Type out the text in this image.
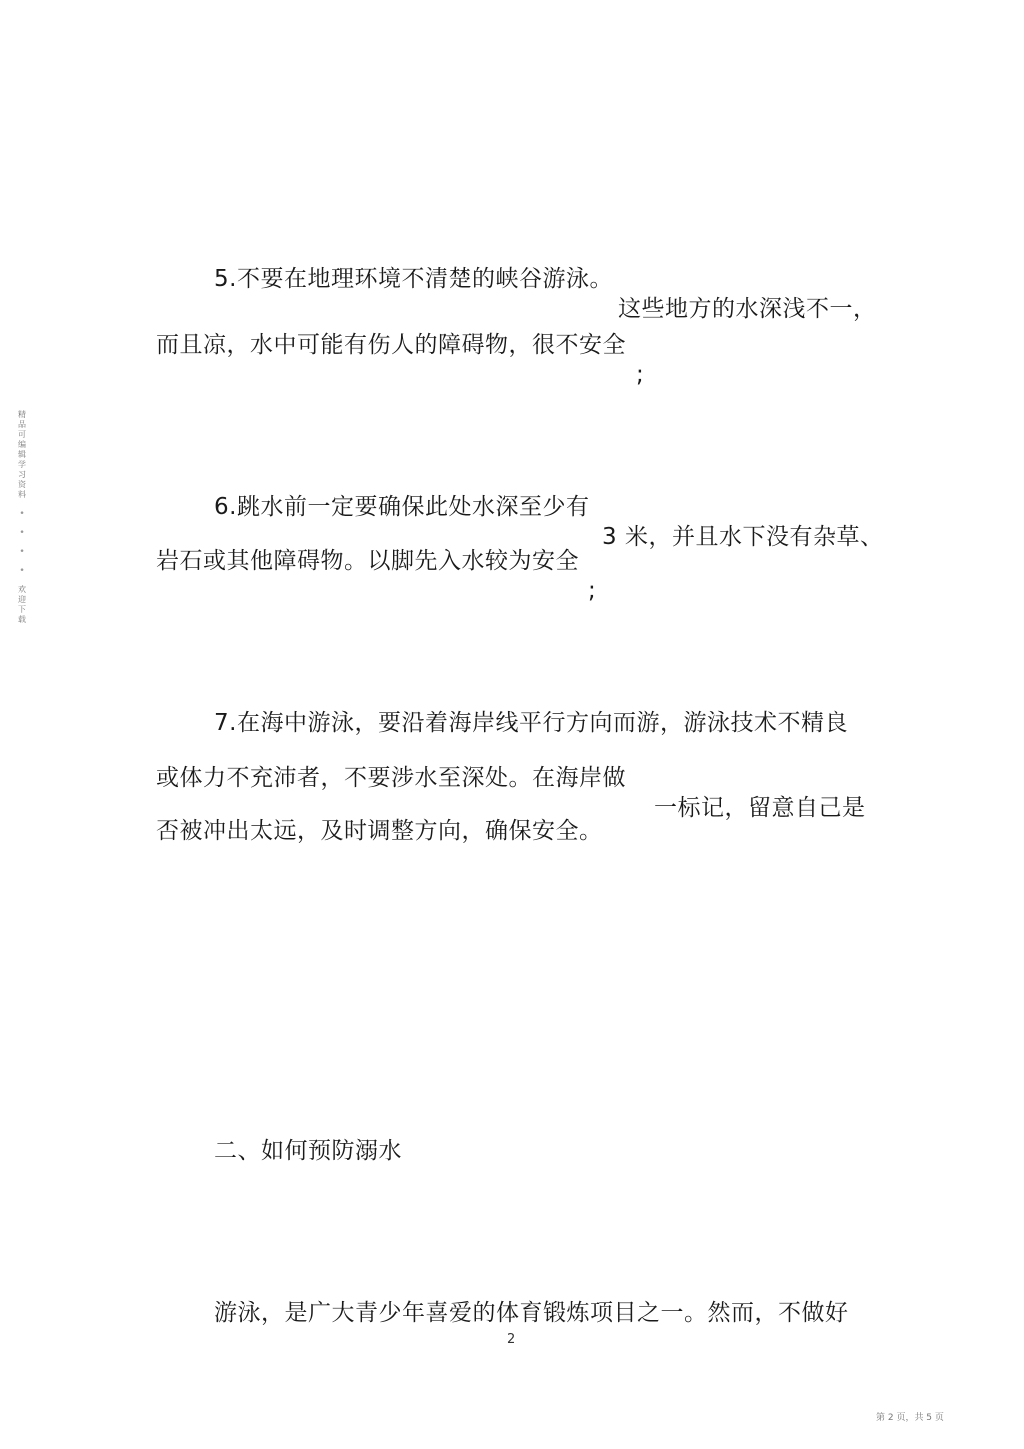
5.不要在地理环境不清楚的峡谷游泳。

这些地方的水深浅不一，

而且凉，水中可能有伤人的障碍物，很不安全

;

6.跳水前一定要确保此处水深至少有

3 米，并且水下没有杂草、

岩石或其他障碍物。以脚先入水较为安全

;

7.在海中游泳，要沿着海岸线平行方向而游，游泳技术不精良

或体力不充沛者，不要涉水至深处。在海岸做

一标记，留意自己是

否被冲出太远，及时调整方向，确保安全。

二、如何预防溺水

游泳，是广大青少年喜爱的体育锻炼项目之一。然而，不做好

精品可编辑学习资料
•
•
•
•
欢迎下载
2
第 2 页，共 5 页
